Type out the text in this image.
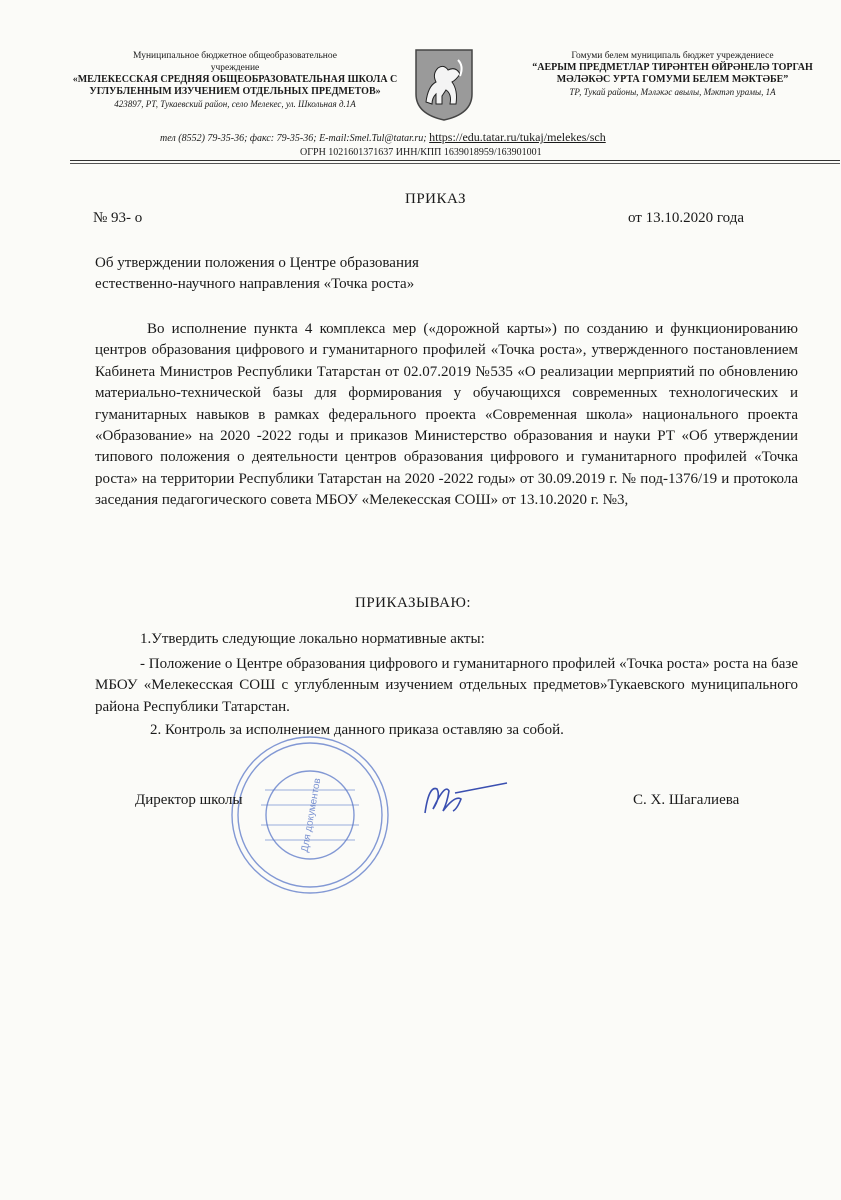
Муниципальное бюджетное общеобразовательное
учреждение
«МЕЛЕКЕССКАЯ СРЕДНЯЯ ОБЩЕОБРАЗОВАТЕЛЬНАЯ ШКОЛА С УГЛУБЛЕННЫМ ИЗУЧЕНИЕМ ОТДЕЛЬНЫХ ПРЕДМЕТОВ»
423897, РТ, Тукаевский район, село Мелекес, ул. Школьная д.1А
Гомуми белем муниципаль бюджет учреждениесе
“АЕРЫМ ПРЕДМЕТЛАР ТИРӘНТЕН ӨЙРӘНЕЛӘ ТОРГАН МӘЛӘКӘС УРТА ГОМУМИ БЕЛЕМ МӘКТӘБЕ”
ТР, Тукай районы, Мәләкәс авылы, Мәктәп урамы, 1А
тел (8552) 79-35-36; факс: 79-35-36; E-mail:Smel.Tul@tatar.ru; https://edu.tatar.ru/tukaj/melekes/sch
ОГРН 1021601371637 ИНН/КПП 1639018959/163901001
ПРИКАЗ
№ 93- о	от 13.10.2020 года
Об утверждении положения о Центре образования
естественно-научного направления «Точка роста»
Во исполнение пункта 4 комплекса мер («дорожной карты») по созданию и функционированию центров образования цифрового и гуманитарного профилей «Точка роста», утвержденного постановлением Кабинета Министров Республики Татарстан от 02.07.2019 №535 «О реализации мерприятий по обновлению материально-технической базы для формирования у обучающихся современных технологических и гуманитарных навыков в рамках федерального проекта «Современная школа» национального проекта «Образование» на 2020 -2022 годы и приказов Министерство образования и науки РТ «Об утверждении типового положения о деятельности центров образования цифрового и гуманитарного профилей «Точка роста» на территории Республики Татарстан на 2020 -2022 годы» от 30.09.2019 г. № под-1376/19 и протокола заседания педагогического совета МБОУ «Мелекесская СОШ» от 13.10.2020 г. №3,
ПРИКАЗЫВАЮ:
1.Утвердить следующие локально нормативные акты:
- Положение о Центре образования цифрового и гуманитарного профилей «Точка роста» роста на базе МБОУ «Мелекесская СОШ с углубленным изучением отдельных предметов»Тукаевского муниципального района Республики Татарстан.
2. Контроль за исполнением данного приказа оставляю за собой.
Для документов
Директор школы	С. Х. Шагалиева
